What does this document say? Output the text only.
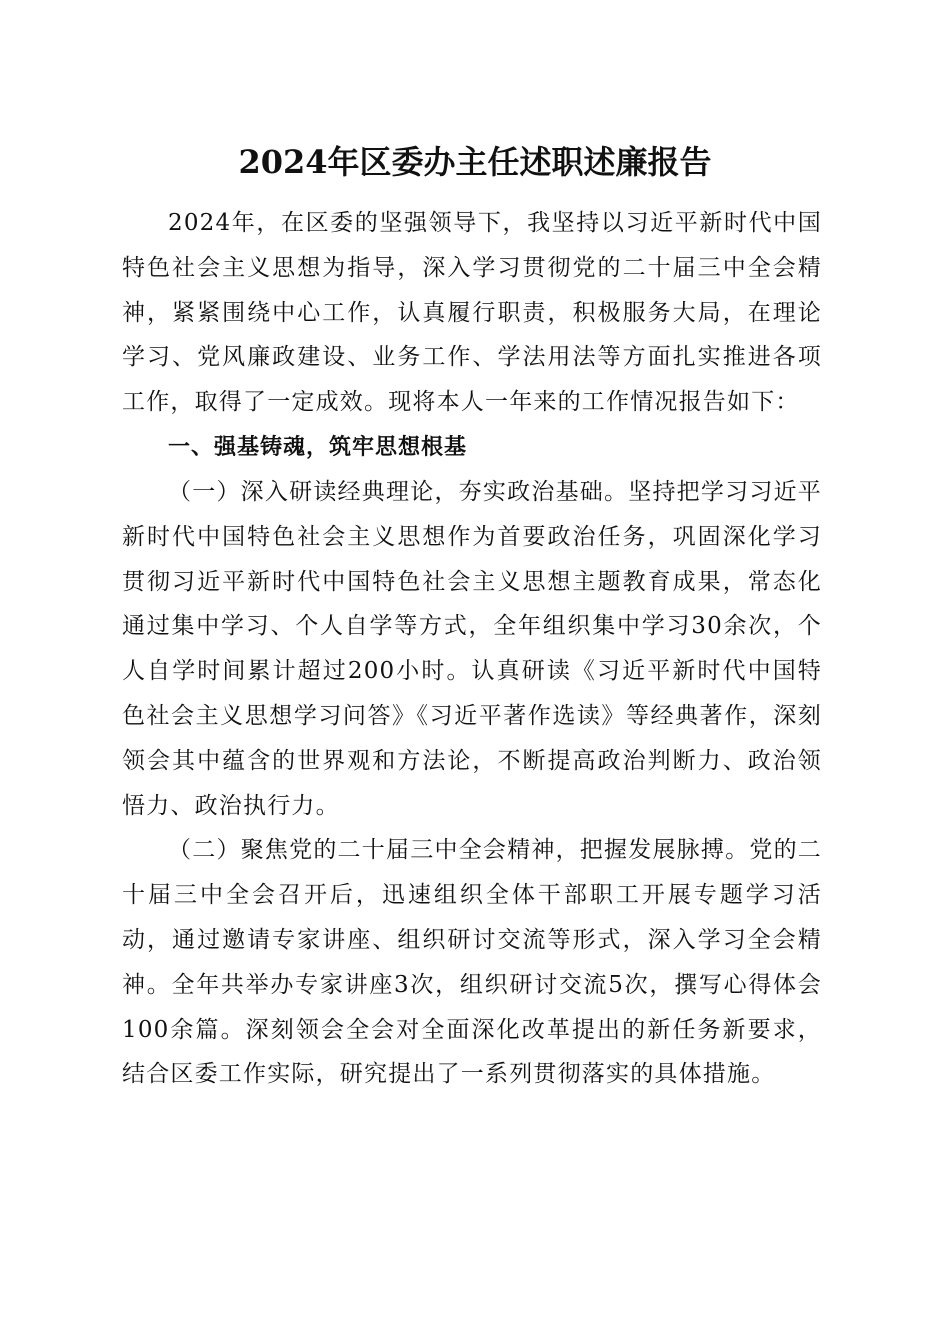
2024年区委办主任述职述廉报告

2024年，在区委的坚强领导下，我坚持以习近平新时代中国特色社会主义思想为指导，深入学习贯彻党的二十届三中全会精神，紧紧围绕中心工作，认真履行职责，积极服务大局，在理论学习、党风廉政建设、业务工作、学法用法等方面扎实推进各项工作，取得了一定成效。现将本人一年来的工作情况报告如下：

一、强基铸魂，筑牢思想根基

（一）深入研读经典理论，夯实政治基础。坚持把学习习近平新时代中国特色社会主义思想作为首要政治任务，巩固深化学习贯彻习近平新时代中国特色社会主义思想主题教育成果，常态化通过集中学习、个人自学等方式，全年组织集中学习30余次，个人自学时间累计超过200小时。认真研读《习近平新时代中国特色社会主义思想学习问答》《习近平著作选读》等经典著作，深刻领会其中蕴含的世界观和方法论，不断提高政治判断力、政治领悟力、政治执行力。

（二）聚焦党的二十届三中全会精神，把握发展脉搏。党的二十届三中全会召开后，迅速组织全体干部职工开展专题学习活动，通过邀请专家讲座、组织研讨交流等形式，深入学习全会精神。全年共举办专家讲座3次，组织研讨交流5次，撰写心得体会100余篇。深刻领会全会对全面深化改革提出的新任务新要求，结合区委工作实际，研究提出了一系列贯彻落实的具体措施。
